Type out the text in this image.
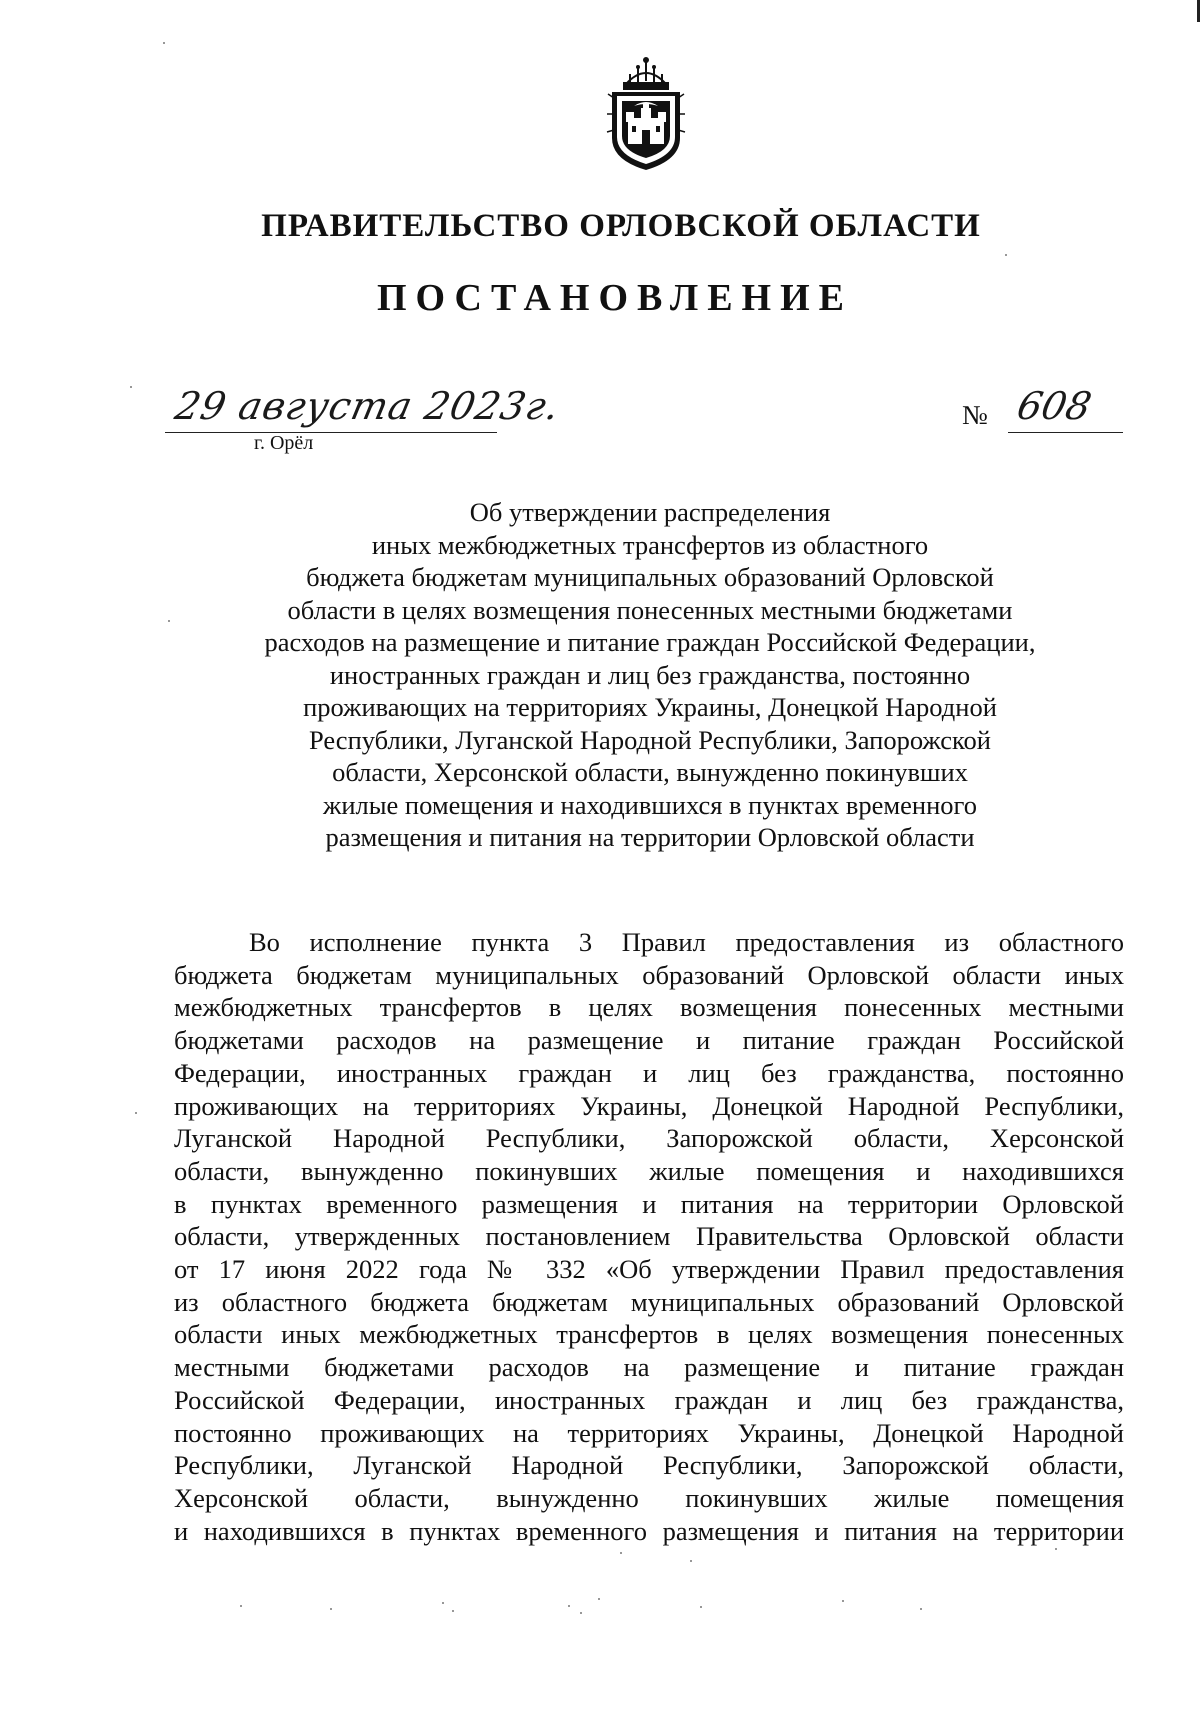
ПРАВИТЕЛЬСТВО ОРЛОВСКОЙ ОБЛАСТИ
ПОСТАНОВЛЕНИЕ
29 августа 2023г.
г. Орёл
№ 608
Об утверждении распределения
иных межбюджетных трансфертов из областного
бюджета бюджетам муниципальных образований Орловской
области в целях возмещения понесенных местными бюджетами
расходов на размещение и питание граждан Российской Федерации,
иностранных граждан и лиц без гражданства, постоянно
проживающих на территориях Украины, Донецкой Народной
Республики, Луганской Народной Республики, Запорожской
области, Херсонской области, вынужденно покинувших
жилые помещения и находившихся в пунктах временного
размещения и питания на территории Орловской области
Во исполнение пункта 3 Правил предоставления из областного
бюджета бюджетам муниципальных образований Орловской области иных
межбюджетных трансфертов в целях возмещения понесенных местными
бюджетами расходов на размещение и питание граждан Российской
Федерации, иностранных граждан и лиц без гражданства, постоянно
проживающих на территориях Украины, Донецкой Народной Республики,
Луганской Народной Республики, Запорожской области, Херсонской
области, вынужденно покинувших жилые помещения и находившихся
в пунктах временного размещения и питания на территории Орловской
области, утвержденных постановлением Правительства Орловской области
от 17 июня 2022 года № 332 «Об утверждении Правил предоставления
из областного бюджета бюджетам муниципальных образований Орловской
области иных межбюджетных трансфертов в целях возмещения понесенных
местными бюджетами расходов на размещение и питание граждан
Российской Федерации, иностранных граждан и лиц без гражданства,
постоянно проживающих на территориях Украины, Донецкой Народной
Республики, Луганской Народной Республики, Запорожской области,
Херсонской области, вынужденно покинувших жилые помещения
и находившихся в пунктах временного размещения и питания на территории
